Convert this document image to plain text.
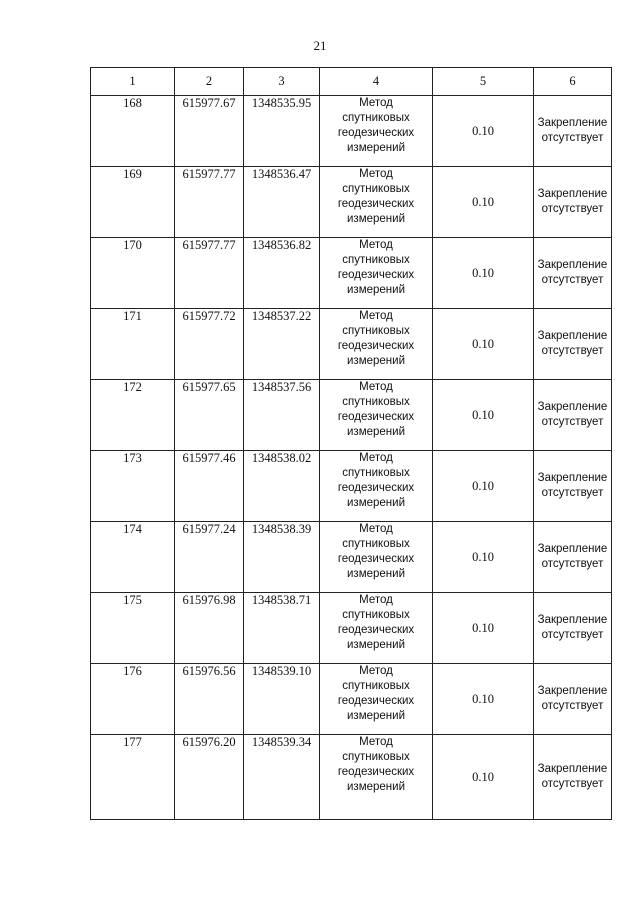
21
1	2	3	4	5	6
168	615977.67	1348535.95	Метод
спутниковых
геодезических
измерений	0.10	Закрепление
отсутствует

169	615977.77	1348536.47	Метод
спутниковых
геодезических
измерений	0.10	Закрепление
отсутствует

170	615977.77	1348536.82	Метод
спутниковых
геодезических
измерений	0.10	Закрепление
отсутствует

171	615977.72	1348537.22	Метод
спутниковых
геодезических
измерений	0.10	Закрепление
отсутствует

172	615977.65	1348537.56	Метод
спутниковых
геодезических
измерений	0.10	Закрепление
отсутствует

173	615977.46	1348538.02	Метод
спутниковых
геодезических
измерений	0.10	Закрепление
отсутствует

174	615977.24	1348538.39	Метод
спутниковых
геодезических
измерений	0.10	Закрепление
отсутствует

175	615976.98	1348538.71	Метод
спутниковых
геодезических
измерений	0.10	Закрепление
отсутствует

176	615976.56	1348539.10	Метод
спутниковых
геодезических
измерений	0.10	Закрепление
отсутствует

177	615976.20	1348539.34	Метод
спутниковых
геодезических
измерений	0.10	Закрепление
отсутствует
